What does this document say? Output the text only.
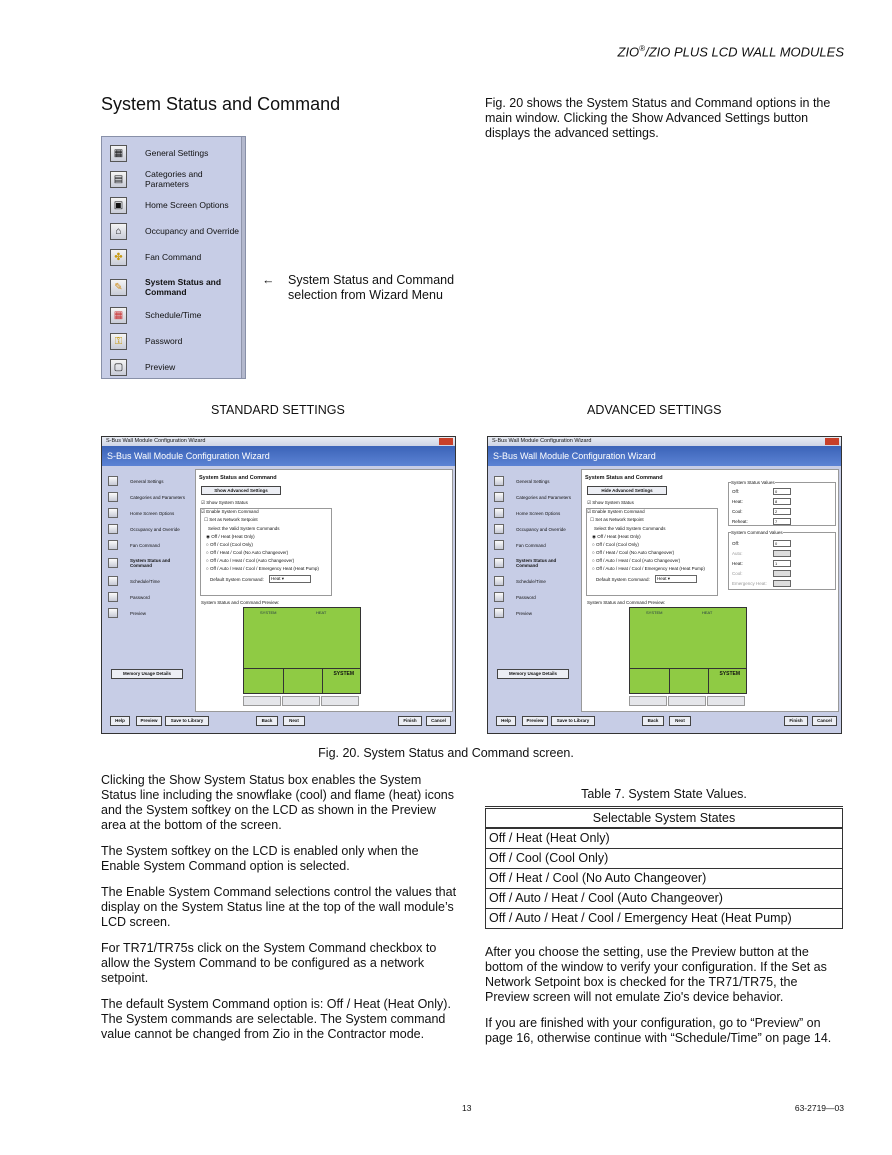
ZIO®/ZIO PLUS LCD WALL MODULES
System Status and Command	Fig. 20 shows the System Status and Command options in the main window. Clicking the Show Advanced Settings button displays the advanced settings.
▦	General Settings
▤	Categories and Parameters
▣	Home Screen Options
⌂	Occupancy and Override
✤	Fan Command
✎	System Status and Command
▦	Schedule/Time
⚿	Password
▢	Preview
← System Status and Command selection from Wizard Menu
STANDARD SETTINGS	ADVANCED SETTINGS
S-Bus Wall Module Configuration Wizard
S-Bus Wall Module Configuration Wizard
General Settings
Categories and Parameters
Home Screen Options
Occupancy and Override
Fan Command
System Status and Command
Schedule/Time
Password
Preview
Memory Usage Details
System Status and Command
Show Advanced Settings
☑ Show System Status
☑ Enable System Command
☐ Set as Network Setpoint
Select the Valid System Commands
◉ Off / Heat (Heat Only)
○ Off / Cool (Cool Only)
○ Off / Heat / Cool (No Auto Changeover)
○ Off / Auto / Heat / Cool (Auto Changeover)
○ Off / Auto / Heat / Cool / Emergency Heat (Heat Pump)
Default System Command:	Heat ▾
System Status and Command Preview:
SYSTEM	HEAT
SYSTEM
Help	Preview	Save to Library	Back	Next	Finish	Cancel
S-Bus Wall Module Configuration Wizard
S-Bus Wall Module Configuration Wizard
General Settings
Categories and Parameters
Home Screen Options
Occupancy and Override
Fan Command
System Status and Command
Schedule/Time
Password
Preview
Memory Usage Details
System Status and Command
Hide Advanced Settings
☑ Show System Status
☑ Enable System Command
☐ Set as Network Setpoint
Select the Valid System Commands
◉ Off / Heat (Heat Only)
○ Off / Cool (Cool Only)
○ Off / Heat / Cool (No Auto Changeover)
○ Off / Auto / Heat / Cool (Auto Changeover)
○ Off / Auto / Heat / Cool / Emergency Heat (Heat Pump)
Default System Command:	Heat ▾
System Status Values
Off:	0
Heat:	8
Cool:	2
Reheat:	7
System Command Values
Off:	0
Auto:
Heat:	1
Cool:
Emergency Heat:
System Status and Command Preview:
SYSTEM	HEAT
SYSTEM
Help	Preview	Save to Library	Back	Next	Finish	Cancel
Fig. 20. System Status and Command screen.

Clicking the Show System Status box enables the System Status line including the snowflake (cool) and flame (heat) icons and the System softkey on the LCD as shown in the Preview area at the bottom of the screen.

The System softkey on the LCD is enabled only when the Enable System Command option is selected.

The Enable System Command selections control the values that display on the System Status line at the top of the wall module’s LCD screen.

For TR71/TR75s click on the System Command checkbox to allow the System Command to be configured as a network setpoint.

The default System Command option is: Off / Heat (Heat Only). The System commands are selectable. The System command value cannot be changed from Zio in the Contractor mode.

Table 7. System State Values.
Selectable System States
Off / Heat (Heat Only)
Off / Cool (Cool Only)
Off / Heat / Cool (No Auto Changeover)
Off / Auto / Heat / Cool (Auto Changeover)
Off / Auto / Heat / Cool / Emergency Heat (Heat Pump)

After you choose the setting, use the Preview button at the bottom of the window to verify your configuration. If the Set as Network Setpoint box is checked for the TR71/TR75, the Preview screen will not emulate Zio's device behavior.

If you are finished with your configuration, go to “Preview” on page 16, otherwise continue with “Schedule/Time” on page 14.

13	63-2719—03
